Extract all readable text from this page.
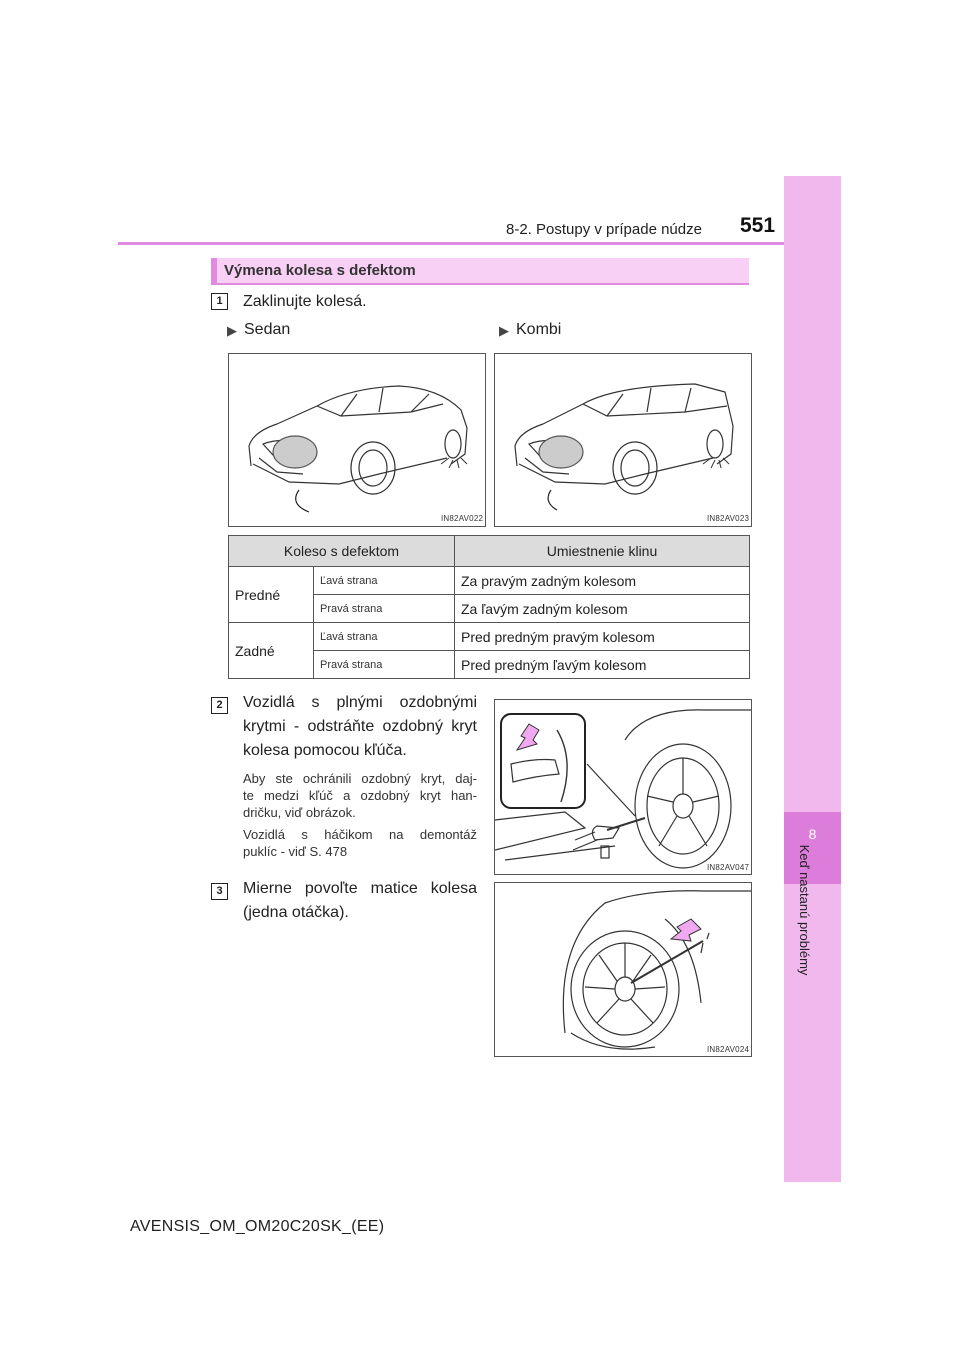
8
Keď nastanú problémy
8-2. Postupy v prípade núdze 551
Výmena kolesa s defektom
1	Zaklinujte kolesá.
▶ Sedan	▶ Kombi
IN82AV022	IN82AV023
Koleso s defektom		Umiestnenie klinu
Predné	Ľavá strana	Za pravým zadným kolesom
	Pravá strana	Za ľavým zadným kolesom
Zadné	Ľavá strana	Pred predným pravým kolesom
	Pravá strana	Pred predným ľavým kolesom
2	Vozidlá s plnými ozdobnými
krytmi - odstráňte ozdobný kryt
kolesa pomocou kľúča.
Aby ste ochránili ozdobný kryt, daj-
te medzi kľúč a ozdobný kryt han-
dričku, viď obrázok.
Vozidlá s háčikom na demontáž
puklíc - viď S. 478
IN82AV047
3	Mierne povoľte matice kolesa
(jedna otáčka).
IN82AV024
AVENSIS_OM_OM20C20SK_(EE)
